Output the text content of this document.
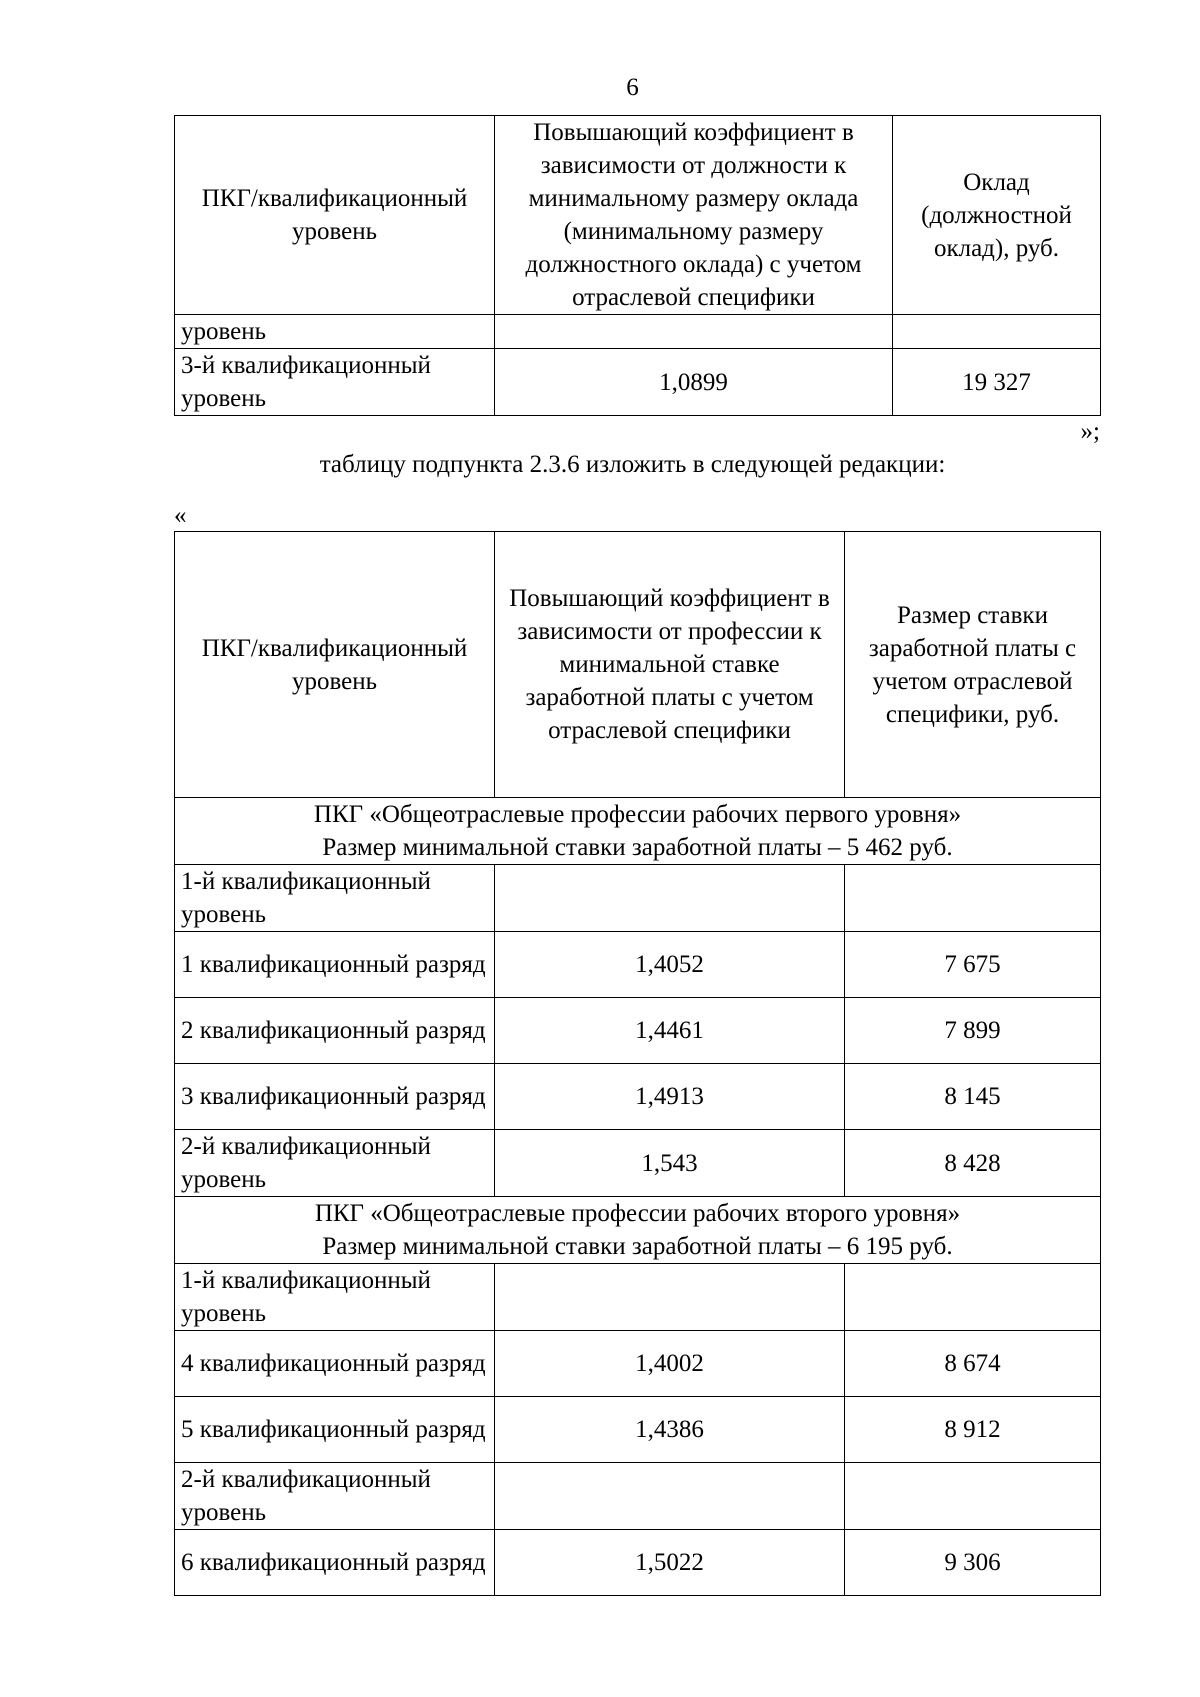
6
ПКГ/квалификационный уровень	Повышающий коэффициент в зависимости от должности к минимальному размеру оклада (минимальному размеру должностного оклада) с учетом отраслевой специфики	Оклад (должностной оклад), руб.
уровень		
3-й квалификационный уровень	1,0899	19 327
»;
таблицу подпункта 2.3.6 изложить в следующей редакции:
«
ПКГ/квалификационный уровень	Повышающий коэффициент в зависимости от профессии к минимальной ставке заработной платы с учетом отраслевой специфики	Размер ставки заработной платы с учетом отраслевой специфики, руб.

ПКГ «Общеотраслевые профессии рабочих первого уровня»
Размер минимальной ставки заработной платы – 5 462 руб.		

1-й квалификационный уровень		
1 квалификационный разряд	1,4052	7 675
2 квалификационный разряд	1,4461	7 899
3 квалификационный разряд	1,4913	8 145
2-й квалификационный уровень	1,543	8 428

ПКГ «Общеотраслевые профессии рабочих второго уровня»
Размер минимальной ставки заработной платы – 6 195 руб.		

1-й квалификационный уровень		
4 квалификационный разряд	1,4002	8 674
5 квалификационный разряд	1,4386	8 912
2-й квалификационный уровень		
6 квалификационный разряд	1,5022	9 306
